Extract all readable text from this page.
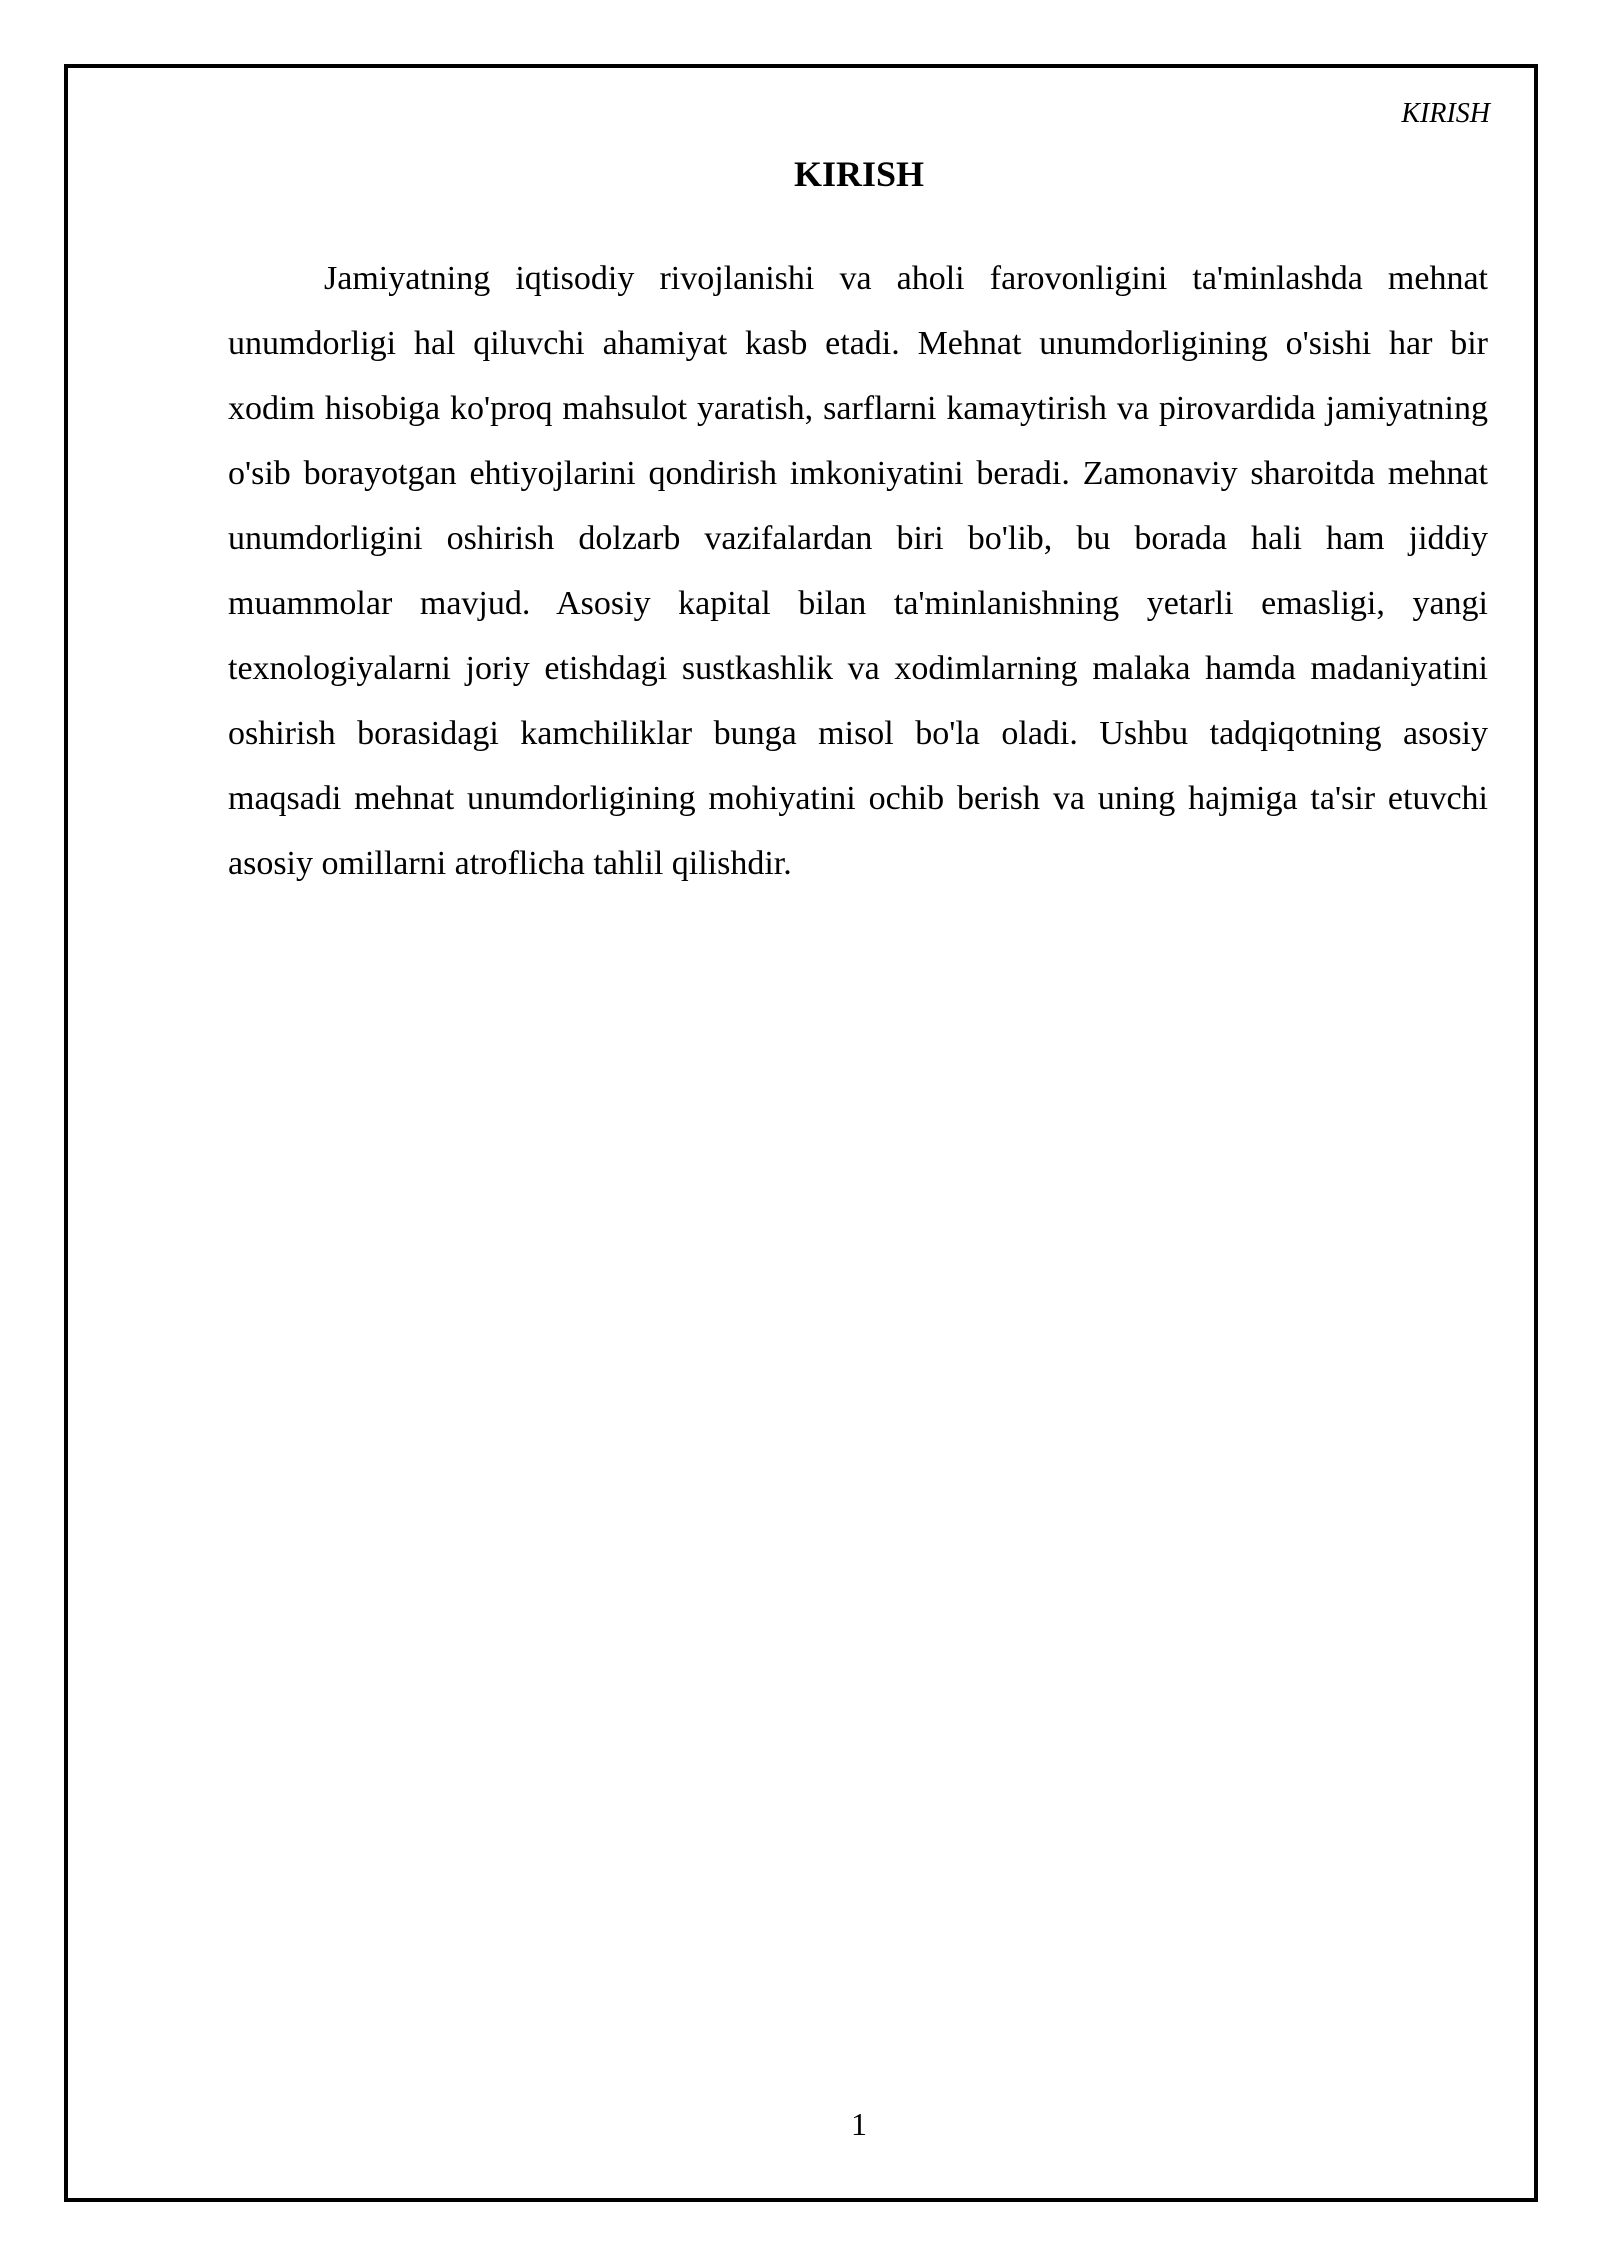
KIRISH
KIRISH

Jamiyatning iqtisodiy rivojlanishi va aholi farovonligini ta'minlashda mehnat unumdorligi hal qiluvchi ahamiyat kasb etadi. Mehnat unumdorligining o'sishi har bir xodim hisobiga ko'proq mahsulot yaratish, sarflarni kamaytirish va pirovardida jamiyatning o'sib borayotgan ehtiyojlarini qondirish imkoniyatini beradi. Zamonaviy sharoitda mehnat unumdorligini oshirish dolzarb vazifalardan biri bo'lib, bu borada hali ham jiddiy muammolar mavjud. Asosiy kapital bilan ta'minlanishning yetarli emasligi, yangi texnologiyalarni joriy etishdagi sustkashlik va xodimlarning malaka hamda madaniyatini oshirish borasidagi kamchiliklar bunga misol bo'la oladi. Ushbu tadqiqotning asosiy maqsadi mehnat unumdorligining mohiyatini ochib berish va uning hajmiga ta'sir etuvchi asosiy omillarni atroflicha tahlil qilishdir.

1
